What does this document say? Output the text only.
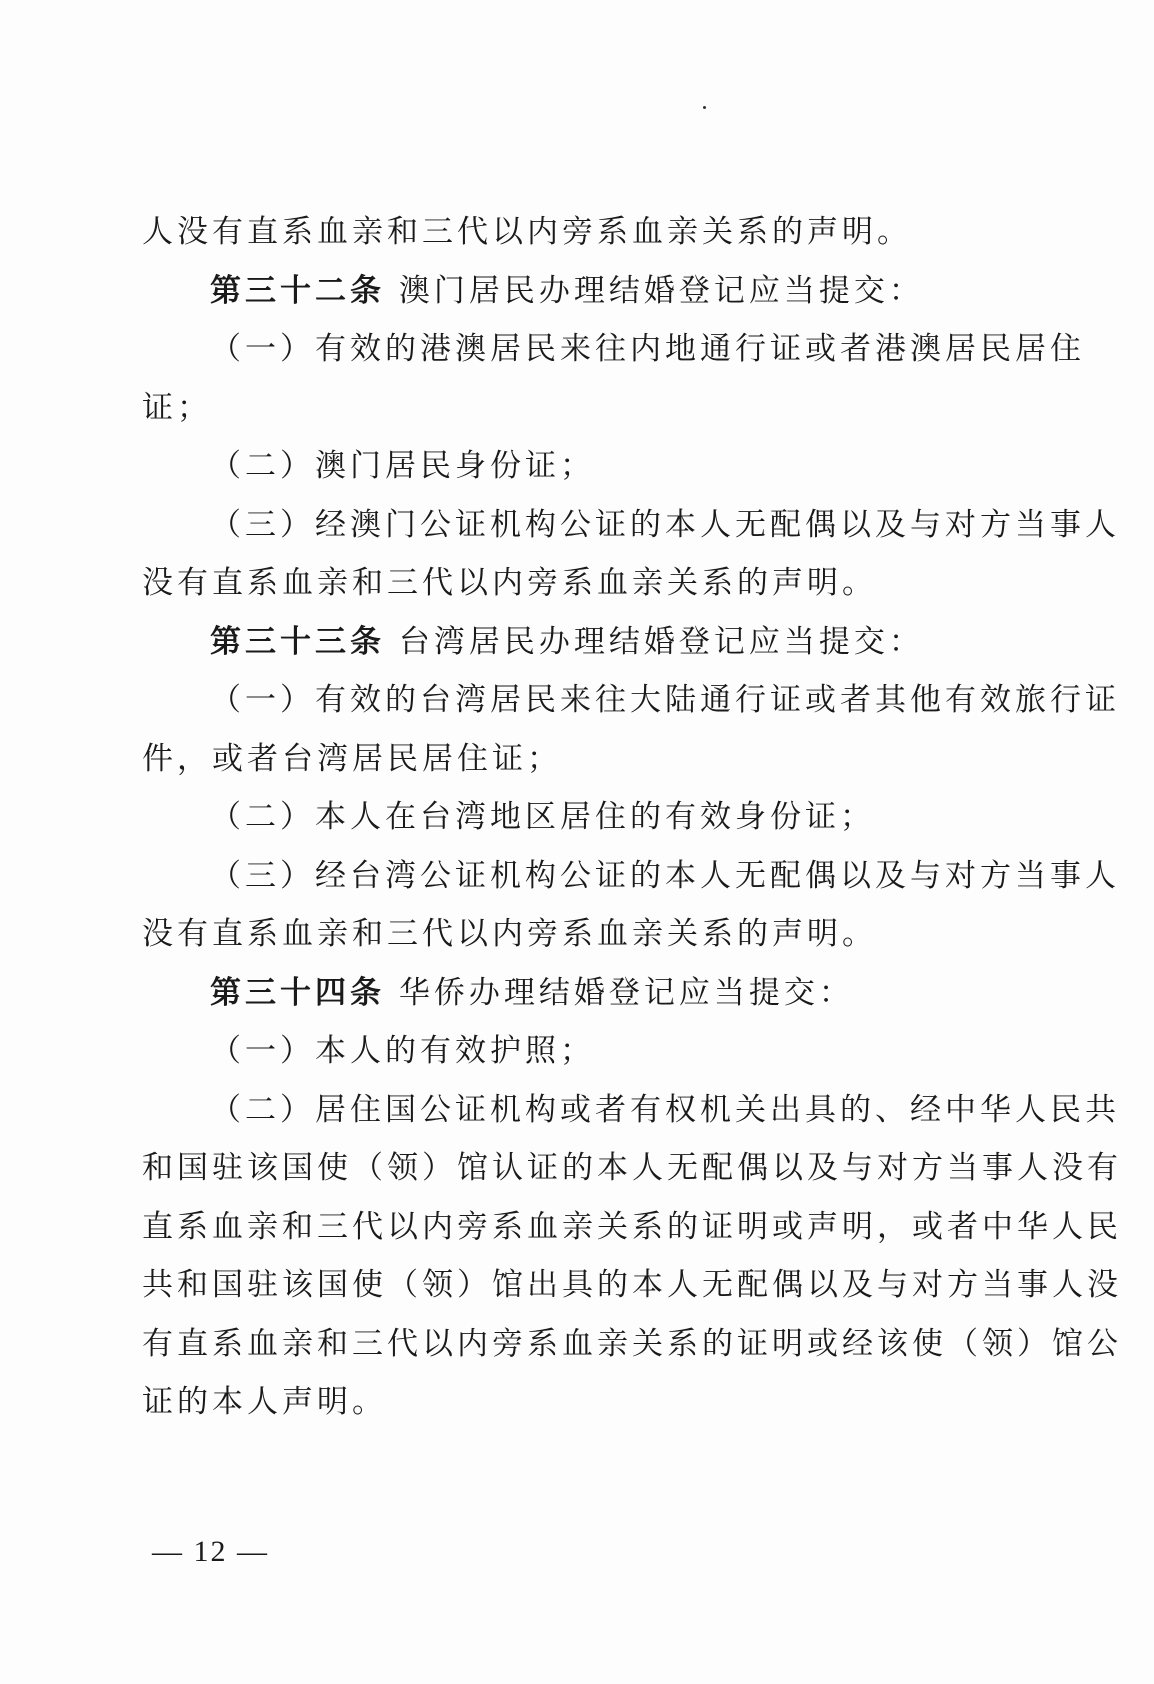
人没有直系血亲和三代以内旁系血亲关系的声明。
第三十二条 澳门居民办理结婚登记应当提交：
（一）有效的港澳居民来往内地通行证或者港澳居民居住
证；
（二）澳门居民身份证；
（三）经澳门公证机构公证的本人无配偶以及与对方当事人
没有直系血亲和三代以内旁系血亲关系的声明。
第三十三条 台湾居民办理结婚登记应当提交：
（一）有效的台湾居民来往大陆通行证或者其他有效旅行证
件，或者台湾居民居住证；
（二）本人在台湾地区居住的有效身份证；
（三）经台湾公证机构公证的本人无配偶以及与对方当事人
没有直系血亲和三代以内旁系血亲关系的声明。
第三十四条 华侨办理结婚登记应当提交：
（一）本人的有效护照；
（二）居住国公证机构或者有权机关出具的、经中华人民共
和国驻该国使（领）馆认证的本人无配偶以及与对方当事人没有
直系血亲和三代以内旁系血亲关系的证明或声明，或者中华人民
共和国驻该国使（领）馆出具的本人无配偶以及与对方当事人没
有直系血亲和三代以内旁系血亲关系的证明或经该使（领）馆公
证的本人声明。
— 12 —
